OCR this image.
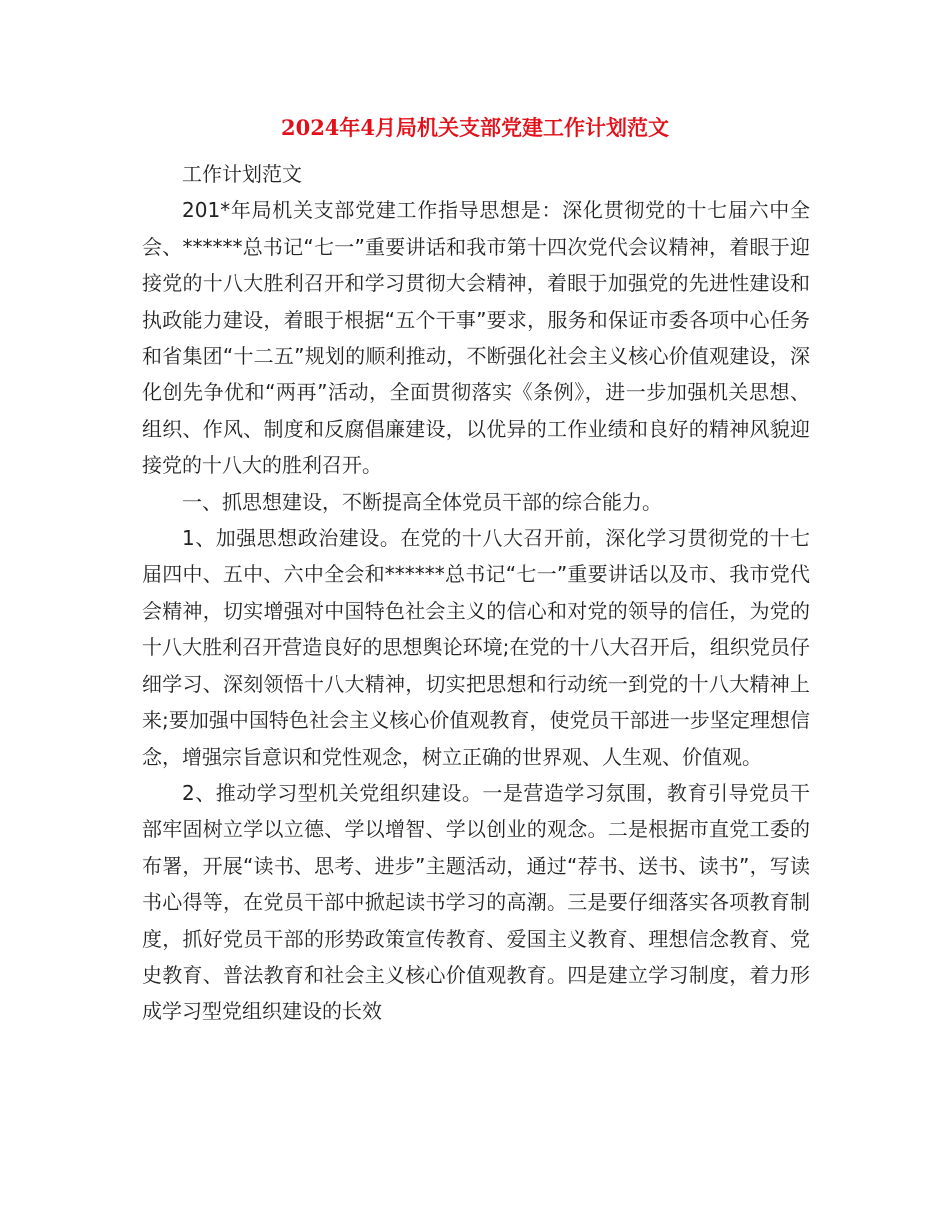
2024年4月局机关支部党建工作计划范文

工作计划范文

201*年局机关支部党建工作指导思想是：深化贯彻党的十七届六中全会、******总书记“七一”重要讲话和我市第十四次党代会议精神，着眼于迎接党的十八大胜利召开和学习贯彻大会精神，着眼于加强党的先进性建设和执政能力建设，着眼于根据“五个干事”要求，服务和保证市委各项中心任务和省集团“十二五”规划的顺利推动，不断强化社会主义核心价值观建设，深化创先争优和“两再”活动，全面贯彻落实《条例》，进一步加强机关思想、组织、作风、制度和反腐倡廉建设，以优异的工作业绩和良好的精神风貌迎接党的十八大的胜利召开。

一、抓思想建设，不断提高全体党员干部的综合能力。

1、加强思想政治建设。在党的十八大召开前，深化学习贯彻党的十七届四中、五中、六中全会和******总书记“七一”重要讲话以及市、我市党代会精神，切实增强对中国特色社会主义的信心和对党的领导的信任，为党的十八大胜利召开营造良好的思想舆论环境;在党的十八大召开后，组织党员仔细学习、深刻领悟十八大精神，切实把思想和行动统一到党的十八大精神上来;要加强中国特色社会主义核心价值观教育，使党员干部进一步坚定理想信念，增强宗旨意识和党性观念，树立正确的世界观、人生观、价值观。

2、推动学习型机关党组织建设。一是营造学习氛围，教育引导党员干部牢固树立学以立德、学以增智、学以创业的观念。二是根据市直党工委的布署，开展“读书、思考、进步”主题活动，通过“荐书、送书、读书”，写读书心得等，在党员干部中掀起读书学习的高潮。三是要仔细落实各项教育制度，抓好党员干部的形势政策宣传教育、爱国主义教育、理想信念教育、党史教育、普法教育和社会主义核心价值观教育。四是建立学习制度，着力形成学习型党组织建设的长效
